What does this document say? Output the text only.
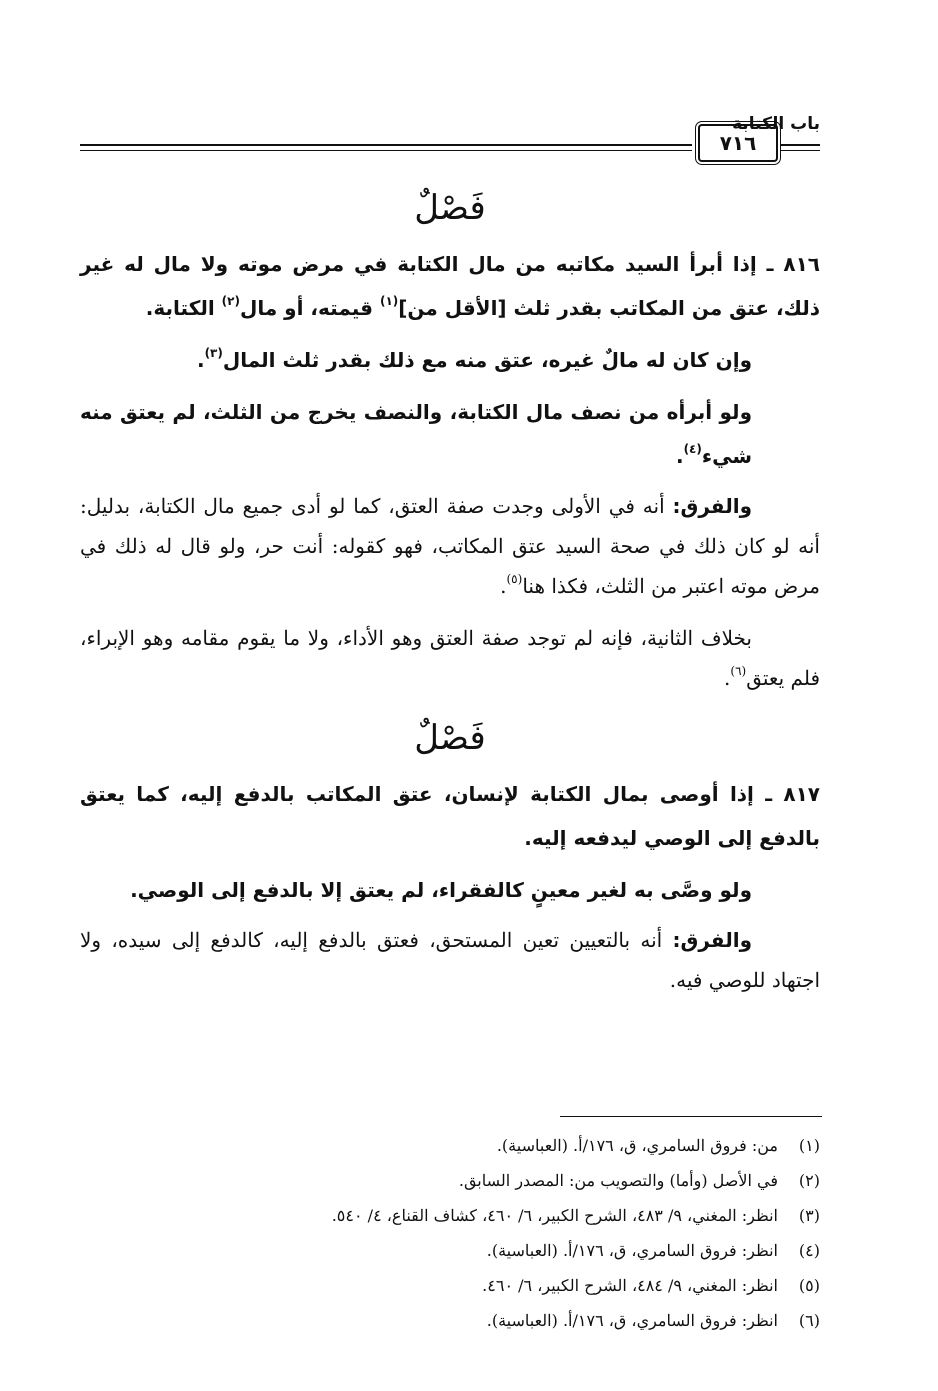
٧١٦
باب الكتابة
فَصْلٌ

٨١٦ ـ إذا أبرأ السيد مكاتبه من مال الكتابة في مرض موته ولا مال له غير ذلك، عتق من المكاتب بقدر ثلث [الأقل من]$^{(١)}$ قيمته، أو مال$^{(٢)}$ الكتابة.

وإن كان له مالٌ غيره، عتق منه مع ذلك بقدر ثلث المال$^{(٣)}$.

ولو أبرأه من نصف مال الكتابة، والنصف يخرج من الثلث، لم يعتق منه شيء$^{(٤)}$.

والفرق: أنه في الأولى وجدت صفة العتق، كما لو أدى جميع مال الكتابة، بدليل: أنه لو كان ذلك في صحة السيد عتق المكاتب، فهو كقوله: أنت حر، ولو قال له ذلك في مرض موته اعتبر من الثلث، فكذا هنا$^{(٥)}$.

بخلاف الثانية، فإنه لم توجد صفة العتق وهو الأداء، ولا ما يقوم مقامه وهو الإبراء، فلم يعتق$^{(٦)}$.

فَصْلٌ

٨١٧ ـ إذا أوصى بمال الكتابة لإنسان، عتق المكاتب بالدفع إليه، كما يعتق بالدفع إلى الوصي ليدفعه إليه.

ولو وصَّى به لغير معينٍ كالفقراء، لم يعتق إلا بالدفع إلى الوصي.

والفرق: أنه بالتعيين تعين المستحق، فعتق بالدفع إليه، كالدفع إلى سيده، ولا اجتهاد للوصي فيه.

(١)من: فروق السامري، ق، ١٧٦/أ. (العباسية).
(٢)في الأصل (وأما) والتصويب من: المصدر السابق.
(٣)انظر: المغني، ٩/ ٤٨٣، الشرح الكبير، ٦/ ٤٦٠، كشاف القناع، ٤/ ٥٤٠.
(٤)انظر: فروق السامري، ق، ١٧٦/أ. (العباسية).
(٥)انظر: المغني، ٩/ ٤٨٤، الشرح الكبير، ٦/ ٤٦٠.
(٦)انظر: فروق السامري، ق، ١٧٦/أ. (العباسية).
